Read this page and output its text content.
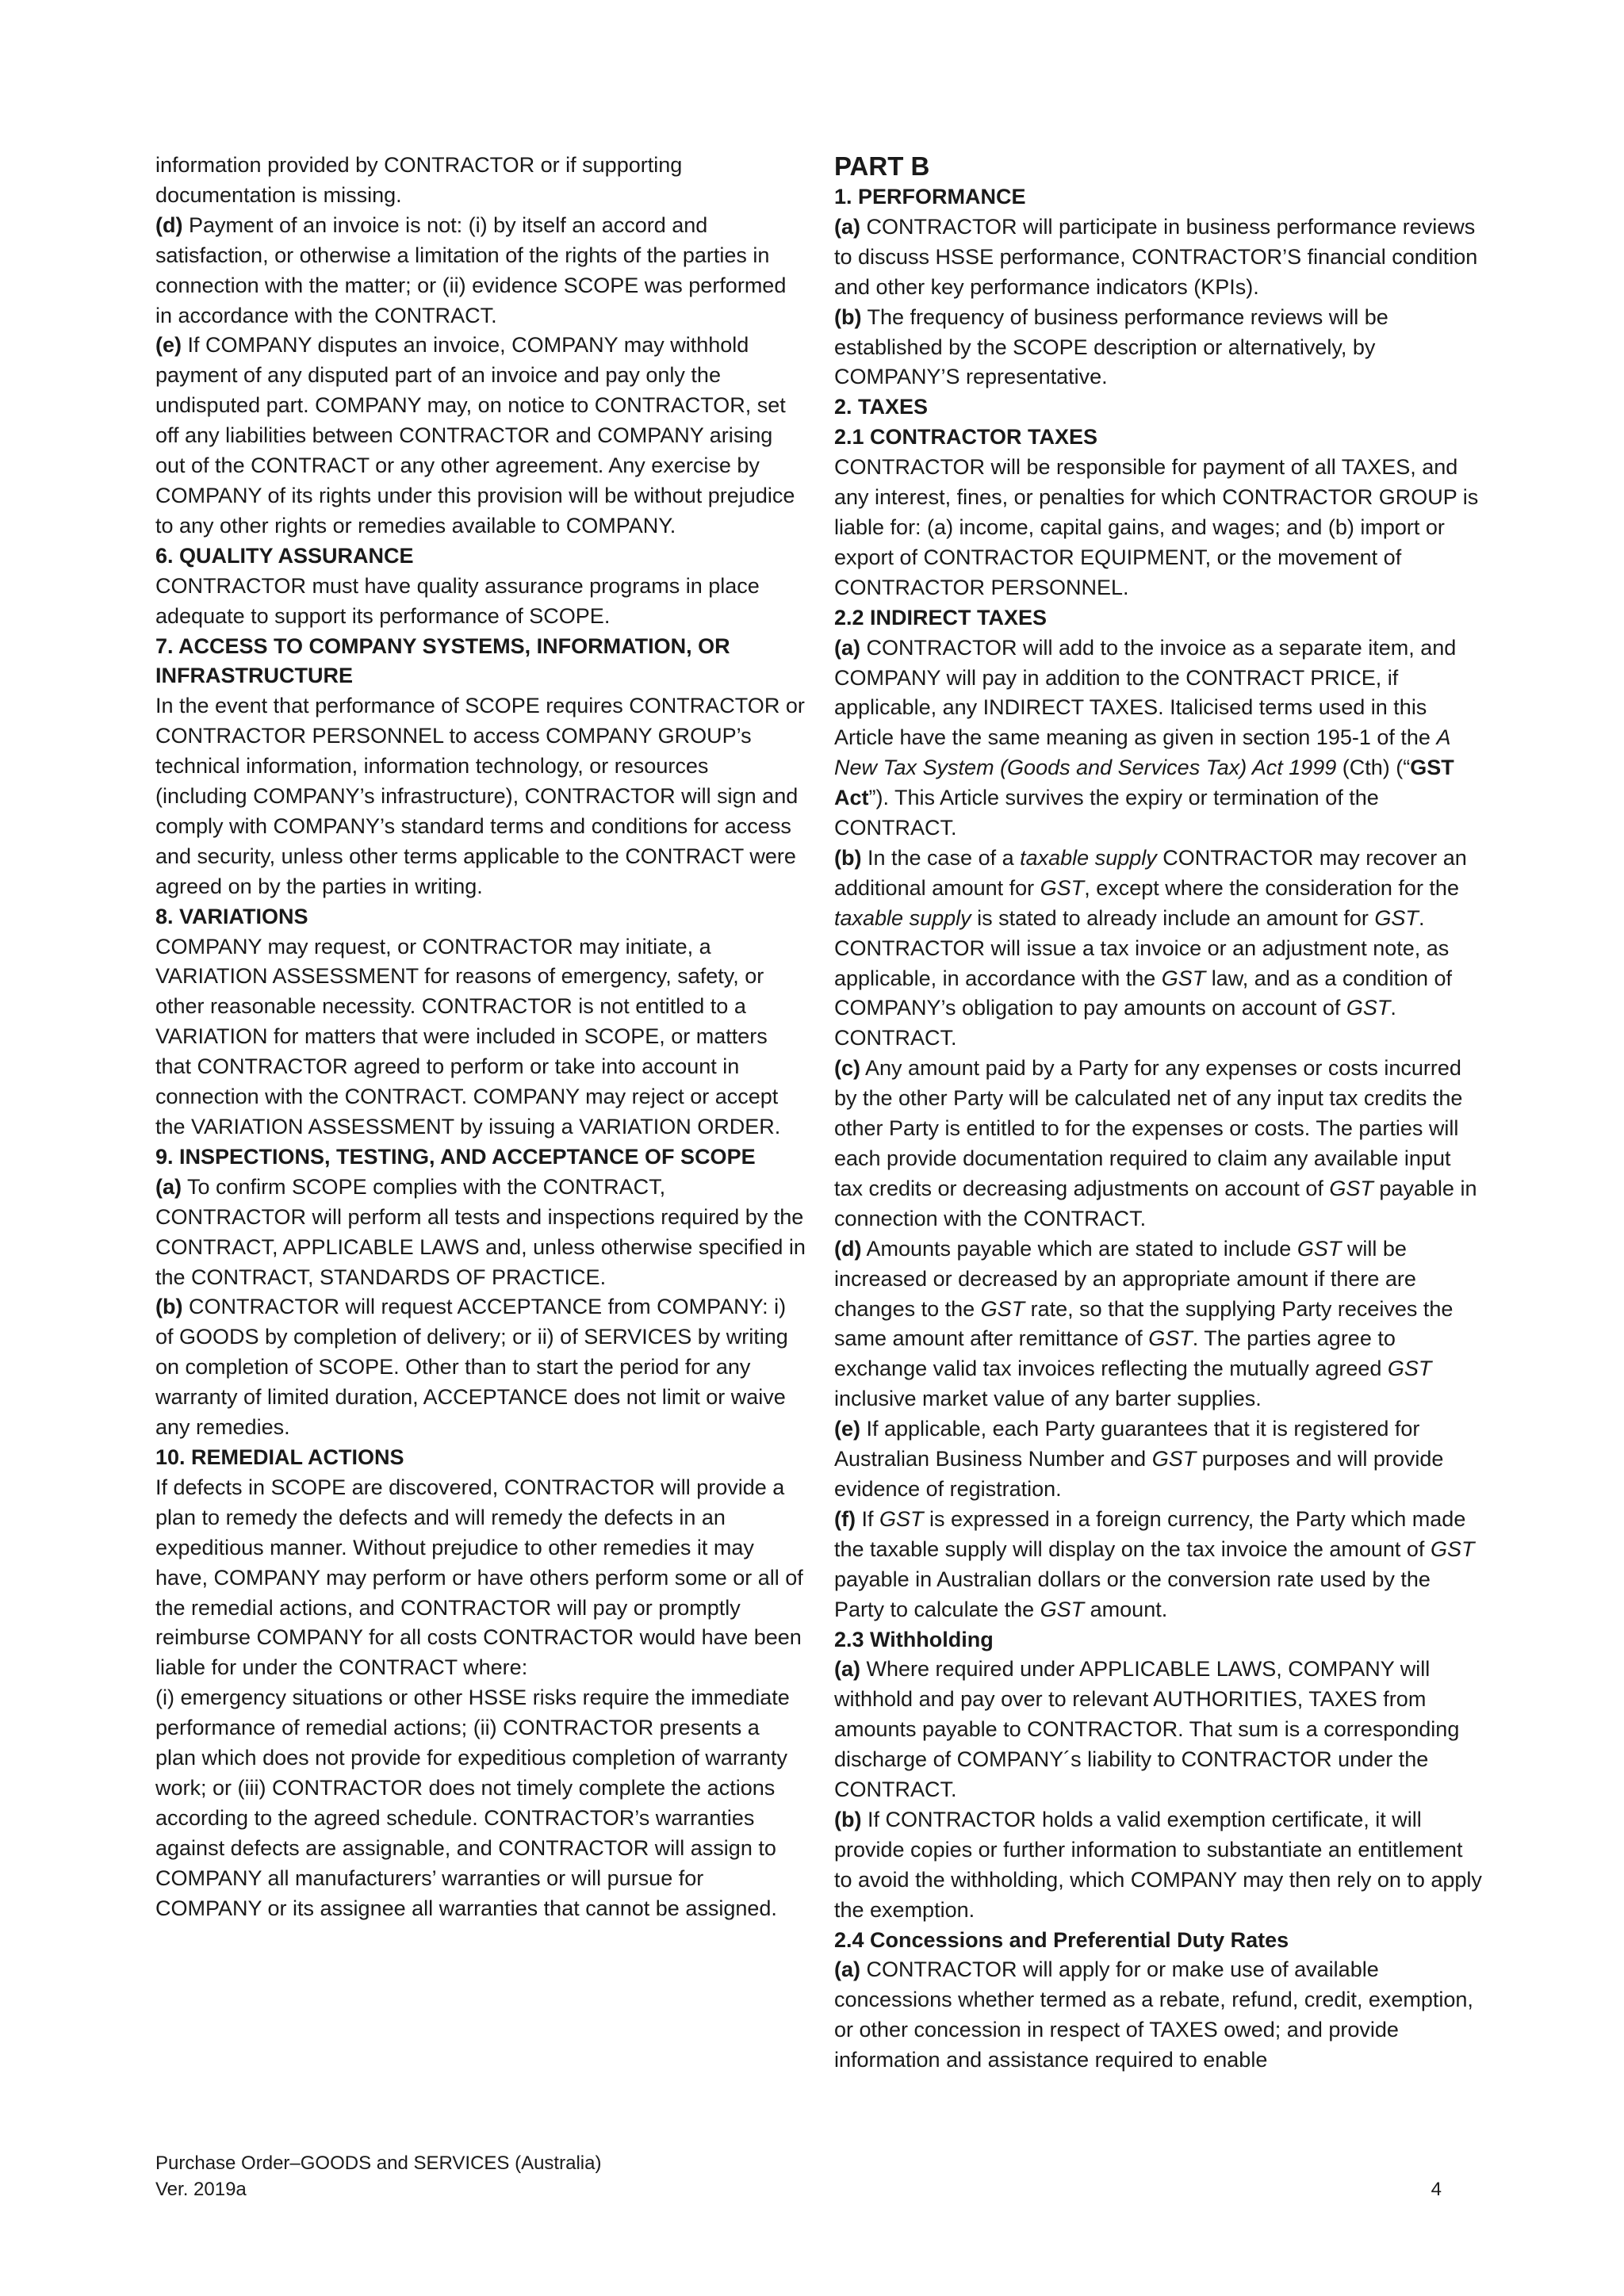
information provided by CONTRACTOR or if supporting documentation is missing.

(d) Payment of an invoice is not: (i) by itself an accord and satisfaction, or otherwise a limitation of the rights of the parties in connection with the matter; or (ii) evidence SCOPE was performed in accordance with the CONTRACT.

(e) If COMPANY disputes an invoice, COMPANY may withhold payment of any disputed part of an invoice and pay only the undisputed part. COMPANY may, on notice to CONTRACTOR, set off any liabilities between CONTRACTOR and COMPANY arising out of the CONTRACT or any other agreement. Any exercise by COMPANY of its rights under this provision will be without prejudice to any other rights or remedies available to COMPANY.

6. QUALITY ASSURANCE

CONTRACTOR must have quality assurance programs in place adequate to support its performance of SCOPE.

7. ACCESS TO COMPANY SYSTEMS, INFORMATION, OR INFRASTRUCTURE

In the event that performance of SCOPE requires CONTRACTOR or CONTRACTOR PERSONNEL to access COMPANY GROUP’s technical information, information technology, or resources (including COMPANY’s infrastructure), CONTRACTOR will sign and comply with COMPANY’s standard terms and conditions for access and security, unless other terms applicable to the CONTRACT were agreed on by the parties in writing.

8. VARIATIONS

COMPANY may request, or CONTRACTOR may initiate, a VARIATION ASSESSMENT for reasons of emergency, safety, or other reasonable necessity. CONTRACTOR is not entitled to a VARIATION for matters that were included in SCOPE, or matters that CONTRACTOR agreed to perform or take into account in connection with the CONTRACT. COMPANY may reject or accept the VARIATION ASSESSMENT by issuing a VARIATION ORDER.

9. INSPECTIONS, TESTING, AND ACCEPTANCE OF SCOPE

(a) To confirm SCOPE complies with the CONTRACT, CONTRACTOR will perform all tests and inspections required by the CONTRACT, APPLICABLE LAWS and, unless otherwise specified in the CONTRACT, STANDARDS OF PRACTICE.

(b) CONTRACTOR will request ACCEPTANCE from COMPANY: i) of GOODS by completion of delivery; or ii) of SERVICES by writing on completion of SCOPE. Other than to start the period for any warranty of limited duration, ACCEPTANCE does not limit or waive any remedies.

10. REMEDIAL ACTIONS

If defects in SCOPE are discovered, CONTRACTOR will provide a plan to remedy the defects and will remedy the defects in an expeditious manner. Without prejudice to other remedies it may have, COMPANY may perform or have others perform some or all of the remedial actions, and CONTRACTOR will pay or promptly reimburse COMPANY for all costs CONTRACTOR would have been liable for under the CONTRACT where:

(i) emergency situations or other HSSE risks require the immediate performance of remedial actions; (ii) CONTRACTOR presents a plan which does not provide for expeditious completion of warranty work; or (iii) CONTRACTOR does not timely complete the actions according to the agreed schedule. CONTRACTOR’s warranties against defects are assignable, and CONTRACTOR will assign to COMPANY all manufacturers’ warranties or will pursue for COMPANY or its assignee all warranties that cannot be assigned.

PART B

1. PERFORMANCE

(a) CONTRACTOR will participate in business performance reviews to discuss HSSE performance, CONTRACTOR’S financial condition and other key performance indicators (KPIs).

(b) The frequency of business performance reviews will be established by the SCOPE description or alternatively, by COMPANY’S representative.

2. TAXES

2.1 CONTRACTOR TAXES

CONTRACTOR will be responsible for payment of all TAXES, and any interest, fines, or penalties for which CONTRACTOR GROUP is liable for: (a) income, capital gains, and wages; and (b) import or export of CONTRACTOR EQUIPMENT, or the movement of CONTRACTOR PERSONNEL.

2.2 INDIRECT TAXES

(a) CONTRACTOR will add to the invoice as a separate item, and COMPANY will pay in addition to the CONTRACT PRICE, if applicable, any INDIRECT TAXES. Italicised terms used in this Article have the same meaning as given in section 195-1 of the A New Tax System (Goods and Services Tax) Act 1999 (Cth) (“GST Act”). This Article survives the expiry or termination of the CONTRACT.

(b) In the case of a taxable supply CONTRACTOR may recover an additional amount for GST, except where the consideration for the taxable supply is stated to already include an amount for GST. CONTRACTOR will issue a tax invoice or an adjustment note, as applicable, in accordance with the GST law, and as a condition of COMPANY’s obligation to pay amounts on account of GST.

CONTRACT.

(c) Any amount paid by a Party for any expenses or costs incurred by the other Party will be calculated net of any input tax credits the other Party is entitled to for the expenses or costs. The parties will each provide documentation required to claim any available input tax credits or decreasing adjustments on account of GST payable in connection with the CONTRACT.

(d) Amounts payable which are stated to include GST will be increased or decreased by an appropriate amount if there are changes to the GST rate, so that the supplying Party receives the same amount after remittance of GST. The parties agree to exchange valid tax invoices reflecting the mutually agreed GST inclusive market value of any barter supplies.

(e) If applicable, each Party guarantees that it is registered for Australian Business Number and GST purposes and will provide evidence of registration.

(f) If GST is expressed in a foreign currency, the Party which made the taxable supply will display on the tax invoice the amount of GST payable in Australian dollars or the conversion rate used by the Party to calculate the GST amount.

2.3 Withholding

(a) Where required under APPLICABLE LAWS, COMPANY will withhold and pay over to relevant AUTHORITIES, TAXES from amounts payable to CONTRACTOR. That sum is a corresponding discharge of COMPANY´s liability to CONTRACTOR under the CONTRACT.

(b) If CONTRACTOR holds a valid exemption certificate, it will provide copies or further information to substantiate an entitlement to avoid the withholding, which COMPANY may then rely on to apply the exemption.

2.4 Concessions and Preferential Duty Rates

(a) CONTRACTOR will apply for or make use of available concessions whether termed as a rebate, refund, credit, exemption, or other concession in respect of TAXES owed; and provide information and assistance required to enable

Purchase Order–GOODS and SERVICES (Australia)
Ver. 2019a	4
